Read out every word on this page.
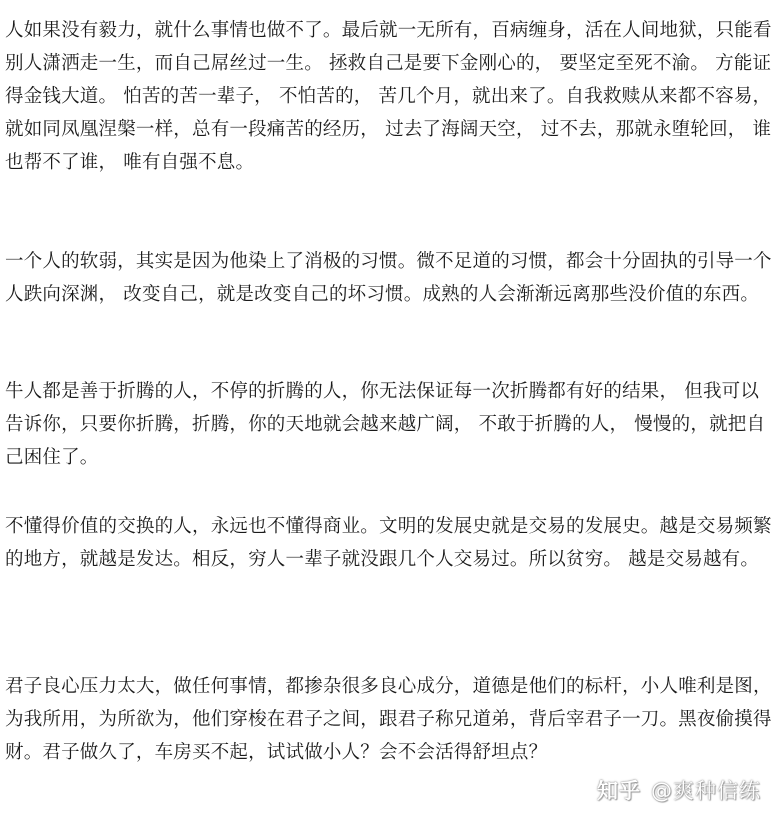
人如果没有毅力，就什么事情也做不了。最后就一无所有，百病缠身，活在人间地狱，只能看别人潇洒走一生，而自己屌丝过一生。 拯救自己是要下金刚心的， 要坚定至死不渝。 方能证得金钱大道。 怕苦的苦一辈子， 不怕苦的， 苦几个月，就出来了。自我救赎从来都不容易，就如同凤凰涅槃一样，总有一段痛苦的经历， 过去了海阔天空， 过不去，那就永堕轮回， 谁也帮不了谁， 唯有自强不息。

一个人的软弱，其实是因为他染上了消极的习惯。微不足道的习惯，都会十分固执的引导一个人跌向深渊， 改变自己，就是改变自己的坏习惯。成熟的人会渐渐远离那些没价值的东西。

牛人都是善于折腾的人，不停的折腾的人，你无法保证每一次折腾都有好的结果， 但我可以告诉你，只要你折腾，折腾，你的天地就会越来越广阔， 不敢于折腾的人， 慢慢的，就把自己困住了。

不懂得价值的交换的人，永远也不懂得商业。文明的发展史就是交易的发展史。越是交易频繁的地方，就越是发达。相反，穷人一辈子就没跟几个人交易过。所以贫穷。 越是交易越有。

君子良心压力太大，做任何事情，都掺杂很多良心成分，道德是他们的标杆，小人唯利是图，为我所用，为所欲为，他们穿梭在君子之间，跟君子称兄道弟，背后宰君子一刀。黑夜偷摸得财。君子做久了，车房买不起，试试做小人？会不会活得舒坦点？

知乎 @爽种信练
